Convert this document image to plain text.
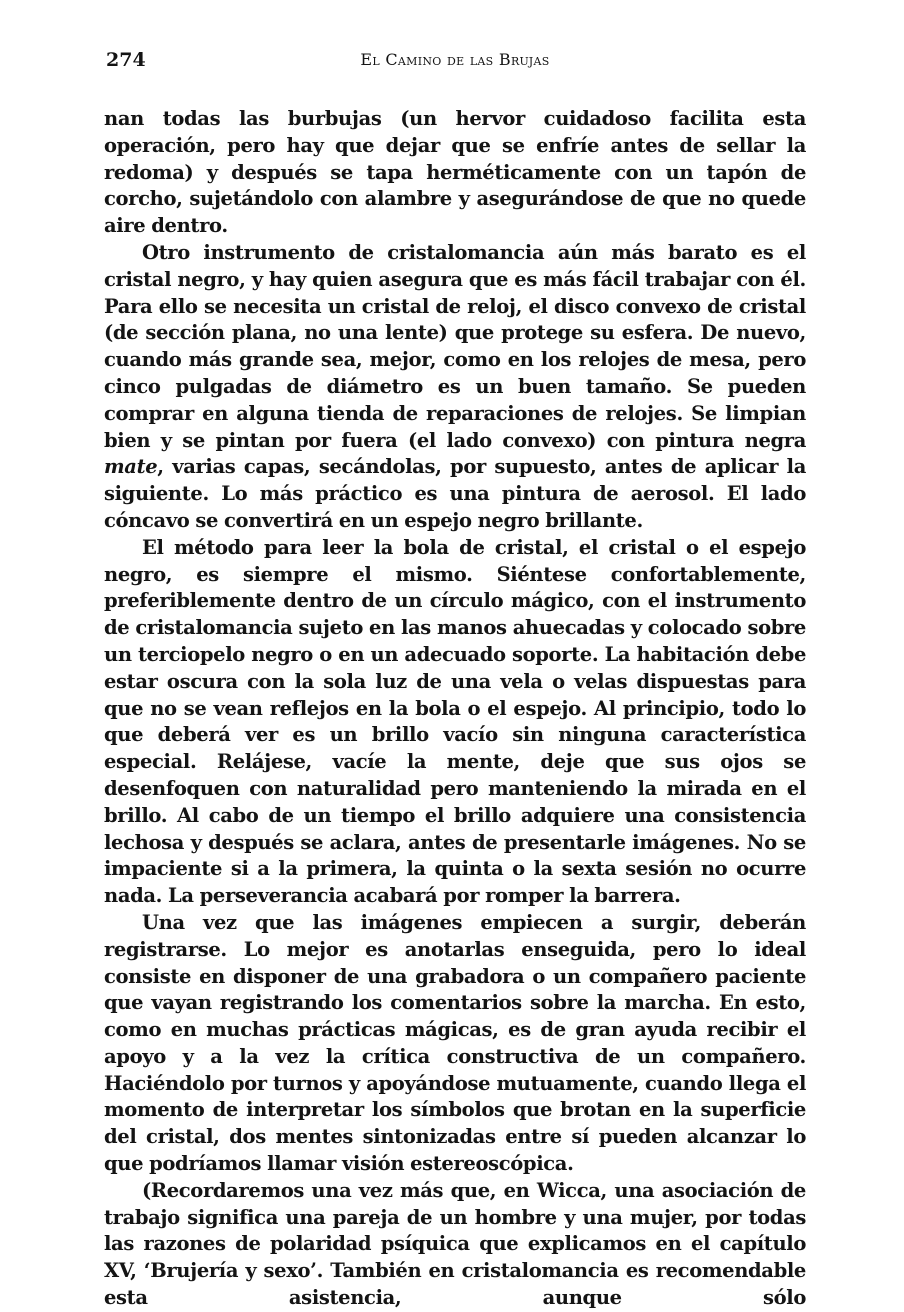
274	El Camino de las Brujas

nan todas las burbujas (un hervor cuidadoso facilita esta operación, pero hay que dejar que se enfríe antes de sellar la redoma) y después se tapa herméticamente con un tapón de corcho, sujetándolo con alambre y asegurándose de que no quede aire dentro.

Otro instrumento de cristalomancia aún más barato es el cristal negro, y hay quien asegura que es más fácil trabajar con él. Para ello se necesita un cristal de reloj, el disco convexo de cristal (de sección plana, no una lente) que protege su esfera. De nuevo, cuando más grande sea, mejor, como en los relojes de mesa, pero cinco pulgadas de diámetro es un buen tamaño. Se pueden comprar en alguna tienda de reparaciones de relojes. Se limpian bien y se pintan por fuera (el lado convexo) con pintura negra mate, varias capas, secándolas, por supuesto, antes de aplicar la siguiente. Lo más práctico es una pintura de aerosol. El lado cóncavo se convertirá en un espejo negro brillante.

El método para leer la bola de cristal, el cristal o el espejo negro, es siempre el mismo. Siéntese confortablemente, preferiblemente dentro de un círculo mágico, con el instrumento de cristalomancia sujeto en las manos ahuecadas y colocado sobre un terciopelo negro o en un adecuado soporte. La habitación debe estar oscura con la sola luz de una vela o velas dispuestas para que no se vean reflejos en la bola o el espejo. Al principio, todo lo que deberá ver es un brillo vacío sin ninguna característica especial. Relájese, vacíe la mente, deje que sus ojos se desenfoquen con naturalidad pero manteniendo la mirada en el brillo. Al cabo de un tiempo el brillo adquiere una consistencia lechosa y después se aclara, antes de presentarle imágenes. No se impaciente si a la primera, la quinta o la sexta sesión no ocurre nada. La perseverancia acabará por romper la barrera.

Una vez que las imágenes empiecen a surgir, deberán registrarse. Lo mejor es anotarlas enseguida, pero lo ideal consiste en disponer de una grabadora o un compañero paciente que vayan registrando los comentarios sobre la marcha. En esto, como en muchas prácticas mágicas, es de gran ayuda recibir el apoyo y a la vez la crítica constructiva de un compañero. Haciéndolo por turnos y apoyándose mutuamente, cuando llega el momento de interpretar los símbolos que brotan en la superficie del cristal, dos mentes sintonizadas entre sí pueden alcanzar lo que podríamos llamar visión estereoscópica.

(Recordaremos una vez más que, en Wicca, una asociación de trabajo significa una pareja de un hombre y una mujer, por todas las razones de polaridad psíquica que explicamos en el capítulo XV, ‘Brujería y sexo’. También en cristalomancia es recomendable esta asistencia, aunque sólo
